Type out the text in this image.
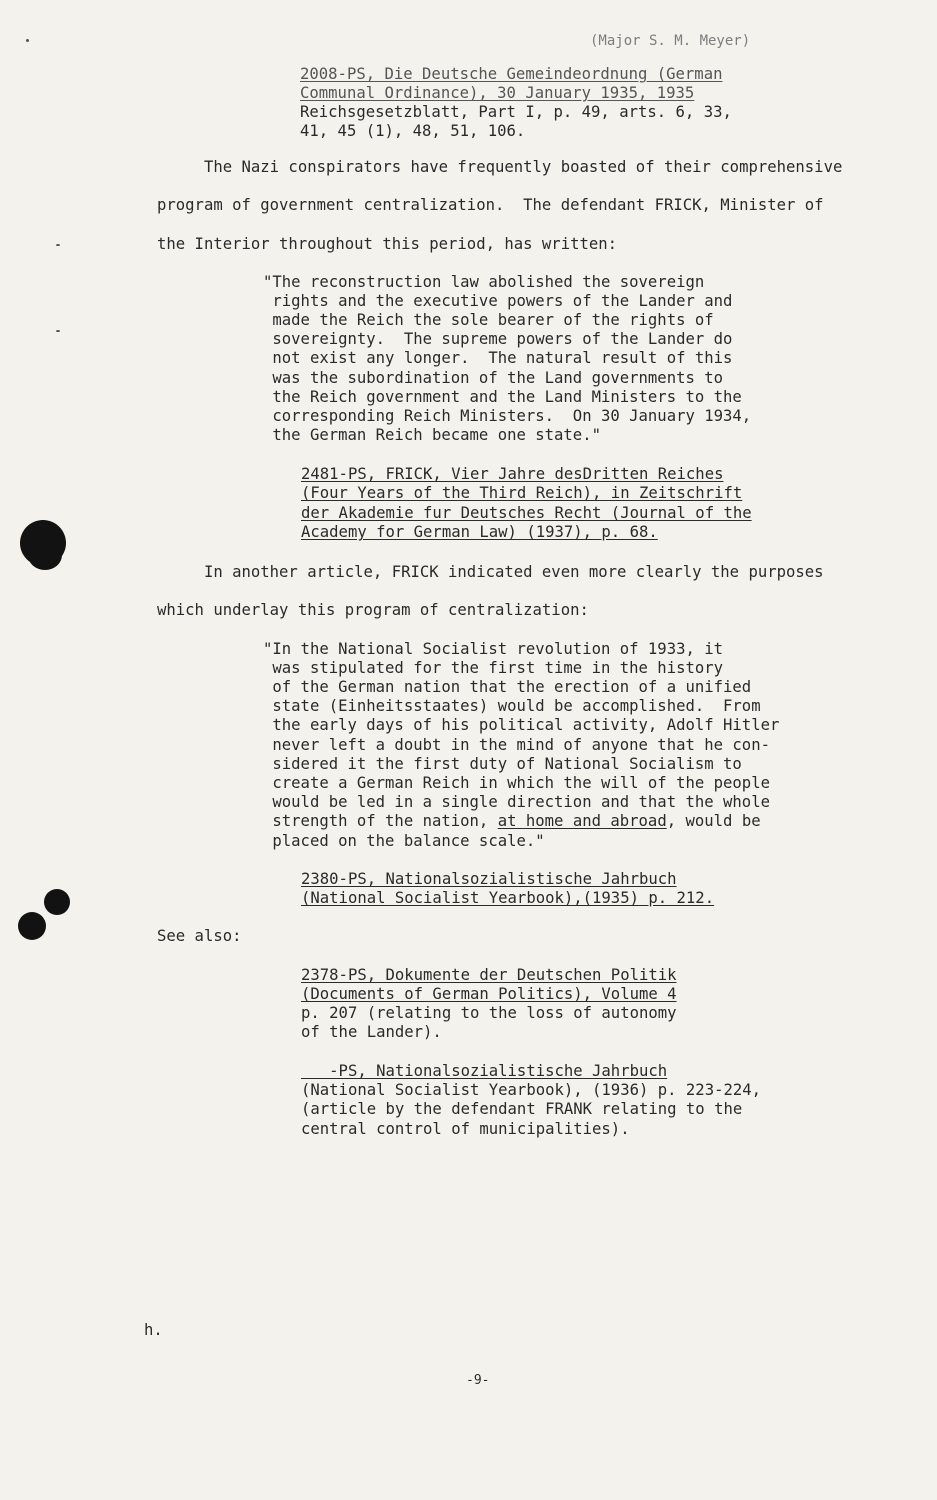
(Major S. M. Meyer)
2008-PS, Die Deutsche Gemeindeordnung (German
Communal Ordinance), 30 January 1935, 1935
Reichsgesetzblatt, Part I, p. 49, arts. 6, 33,
41, 45 (1), 48, 51, 106.
The Nazi conspirators have frequently boasted of their comprehensive
program of government centralization.  The defendant FRICK, Minister of
the Interior throughout this period, has written:
"The reconstruction law abolished the sovereign
rights and the executive powers of the Lander and
made the Reich the sole bearer of the rights of
sovereignty.  The supreme powers of the Lander do
not exist any longer.  The natural result of this
was the subordination of the Land governments to
the Reich government and the Land Ministers to the
corresponding Reich Ministers.  On 30 January 1934,
the German Reich became one state."
2481-PS, FRICK, Vier Jahre desDritten Reiches
(Four Years of the Third Reich), in Zeitschrift
der Akademie fur Deutsches Recht (Journal of the
Academy for German Law) (1937), p. 68.
In another article, FRICK indicated even more clearly the purposes
which underlay this program of centralization:
"In the National Socialist revolution of 1933, it
was stipulated for the first time in the history
of the German nation that the erection of a unified
state (Einheitsstaates) would be accomplished.  From
the early days of his political activity, Adolf Hitler
never left a doubt in the mind of anyone that he con-
sidered it the first duty of National Socialism to
create a German Reich in which the will of the people
would be led in a single direction and that the whole
strength of the nation, at home and abroad, would be
placed on the balance scale."
2380-PS, Nationalsozialistische Jahrbuch
(National Socialist Yearbook),(1935) p. 212.
See also:
2378-PS, Dokumente der Deutschen Politik
(Documents of German Politics), Volume 4
p. 207 (relating to the loss of autonomy
of the Lander).
-PS, Nationalsozialistische Jahrbuch
(National Socialist Yearbook), (1936) p. 223-224,
(article by the defendant FRANK relating to the
central control of municipalities).
h.
-9-
